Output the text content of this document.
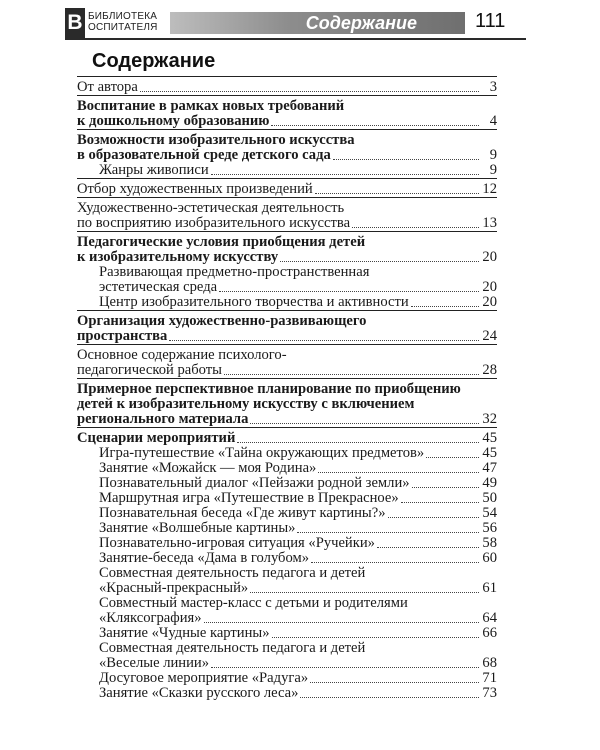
В БИБЛИОТЕКА
ОСПИТАТЕЛЯ	Содержание	111
Содержание
От автора	3
Воспитание в рамках новых требований
к дошкольному образованию	4
Возможности изобразительного искусства
в образовательной среде детского сада	9
Жанры живописи	9
Отбор художественных произведений	12
Художественно-эстетическая деятельность
по восприятию изобразительного искусства	13
Педагогические условия приобщения детей
к изобразительному искусству	20
Развивающая предметно-пространственная
эстетическая среда	20
Центр изобразительного творчества и активности	20
Организация художественно-развивающего
пространства	24
Основное содержание психолого-
педагогической работы	28
Примерное перспективное планирование по приобщению
детей к изобразительному искусству с включением
регионального материала	32
Сценарии мероприятий	45
Игра-путешествие «Тайна окружающих предметов»	45
Занятие «Можайск — моя Родина»	47
Познавательный диалог «Пейзажи родной земли»	49
Маршрутная игра «Путешествие в Прекрасное»	50
Познавательная беседа «Где живут картины?»	54
Занятие «Волшебные картины»	56
Познавательно-игровая ситуация «Ручейки»	58
Занятие-беседа «Дама в голубом»	60
Совместная деятельность педагога и детей
«Красный-прекрасный»	61
Совместный мастер-класс с детьми и родителями
«Кляксография»	64
Занятие «Чудные картины»	66
Совместная деятельность педагога и детей
«Веселые линии»	68
Досуговое мероприятие «Радуга»	71
Занятие «Сказки русского леса»	73
